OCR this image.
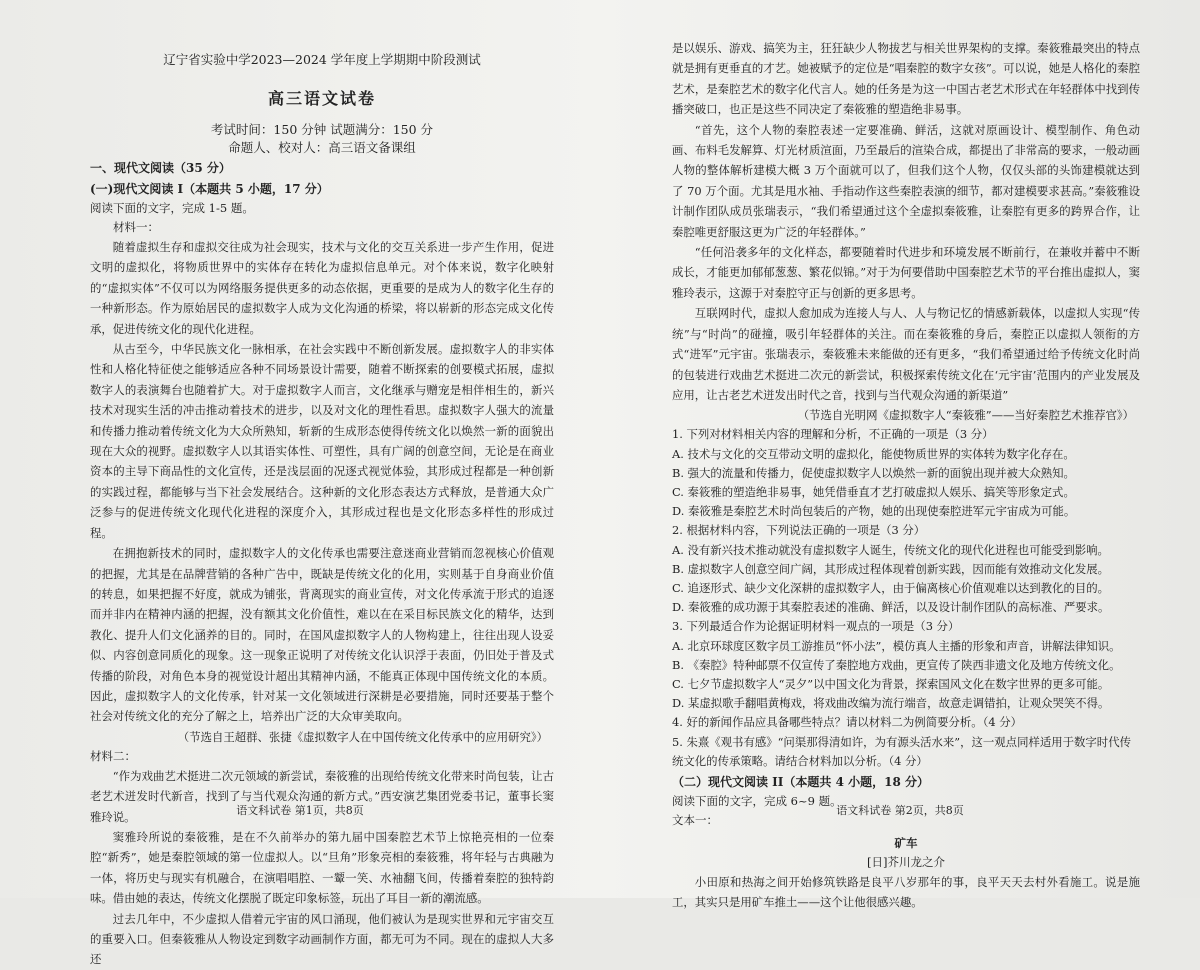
辽宁省实验中学2023—2024 学年度上学期期中阶段测试

高三语文试卷

考试时间：150 分钟 试题满分：150 分

命题人、校对人：高三语文备课组

一、现代文阅读（35 分）

(一)现代文阅读 I（本题共 5 小题，17 分）

阅读下面的文字，完成 1-5 题。

材料一：

随着虚拟生存和虚拟交往成为社会现实，技术与文化的交互关系进一步产生作用，促进文明的虚拟化，将物质世界中的实体存在转化为虚拟信息单元。对个体来说，数字化映射的“虚拟实体”不仅可以为网络服务提供更多的动态依据，更重要的是成为人的数字化生存的一种新形态。作为原始居民的虚拟数字人成为文化沟通的桥梁，将以崭新的形态完成文化传承，促进传统文化的现代化进程。

从古至今，中华民族文化一脉相承，在社会实践中不断创新发展。虚拟数字人的非实体性和人格化特征使之能够适应各种不同场景设计需要，随着不断探索的创要模式拓展，虚拟数字人的表演舞台也随着扩大。对于虚拟数字人而言，文化继承与赠宠是相伴相生的，新兴技术对现实生活的冲击推动着技术的进步，以及对文化的理性看思。虚拟数字人强大的流量和传播力推动着传统文化为大众所熟知，斩新的生成形态使得传统文化以焕然一新的面貌出现在大众的视野。虚拟数字人以其语实体性、可塑性，具有广阔的创意空间，无论是在商业资本的主导下商品性的文化宣传，还是浅层面的况逐式视觉体验，其形成过程都是一种创新的实践过程，都能够与当下社会发展结合。这种新的文化形态表达方式释放，是普通大众广泛参与的促进传统文化现代化进程的深度介入，其形成过程也是文化形态多样性的形成过程。

在拥抱新技术的同时，虚拟数字人的文化传承也需要注意迷商业营销而忽视核心价值观的把握，尤其是在品牌营销的各种广告中，既缺是传统文化的化用，实则基于自身商业价值的转息，如果把握不好度，就成为铺张，背离现实的商业宣传，对文化传承流于形式的追逐而并非内在精神内涵的把握，没有额其文化价值性，难以在在采目标民族文化的精华，达到教化、提升人们文化涵养的目的。同时，在国风虚拟数字人的人物构建上，往往出现人设妥似、内容创意同质化的现象。这一现象正说明了对传统文化认识浮于表面，仍旧处于普及式传播的阶段，对角色本身的视觉设计超出其精神内涵，不能真正体现中国传统文化的本质。因此，虚拟数字人的文化传承，针对某一文化领域进行深耕是必要措施，同时还要基于整个社会对传统文化的充分了解之上，培养出广泛的大众审美取向。

（节选自王超群、张捷《虚拟数字人在中国传统文化传承中的应用研究》）

材料二：

“作为戏曲艺术挺进二次元领域的新尝试，秦筱雅的出现给传统文化带来时尚包装，让古老艺术迸发时代新音，找到了与当代观众沟通的新方式。”西安演艺集团党委书记，董事长窦雅玲说。

窦雅玲所说的秦筱雅，是在不久前举办的第九届中国秦腔艺术节上惊艳亮相的一位秦腔“新秀”，她是秦腔领域的第一位虚拟人。以“旦角”形象亮相的秦筱雅，将年轻与古典融为一体，将历史与现实有机融合，在演唱唱腔、一颦一笑、水袖翻飞间，传播着秦腔的独特韵味。借由她的表达，传统文化摆脱了既定印象标签，玩出了耳目一新的潮流感。

过去几年中，不少虚拟人借着元宇宙的风口涌现，他们被认为是现实世界和元宇宙交互的重要入口。但秦筱雅从人物设定到数字动画制作方面，都无可为不同。现在的虚拟人大多还

语文科试卷 第1页，共8页

是以娱乐、游戏、搞笑为主，狂狂缺少人物拔艺与相关世界架构的支撑。秦筱雅最突出的特点就是拥有更垂直的才艺。她被赋予的定位是“唱秦腔的数字女孩”。可以说，她是人格化的秦腔艺术，是秦腔艺术的数字化代言人。她的任务是为这一中国古老艺术形式在年轻群体中找到传播突破口，也正是这些不同决定了秦筱雅的塑造绝非易事。

“首先，这个人物的秦腔表述一定要准确、鲜活，这就对原画设计、模型制作、角色动画、布料毛发解算、灯光材质渲面，乃至最后的渲染合成，都提出了非常高的要求，一般动画人物的整体解析建模大概 3 万个面就可以了，但我们这个人物，仅仅头部的头饰建模就达到了 70 万个面。尤其是甩水袖、手指动作这些秦腔表演的细节，都对建模要求甚高。”秦筱雅设计制作团队成员张瑞表示，“我们希望通过这个全虚拟秦筱雅，让秦腔有更多的跨界合作，让秦腔唯更舒服这更为广泛的年轻群体。”

“任何沿袭多年的文化样态，都要随着时代进步和环境发展不断前行，在兼收并蓄中不断成长，才能更加郁郁葱葱、繁花似锦。”对于为何要借助中国秦腔艺术节的平台推出虚拟人，窦雅玲表示，这源于对秦腔守正与创新的更多思考。

互联网时代，虚拟人愈加成为连接人与人、人与物记忆的情感新载体，以虚拟人实现“传统”与“时尚”的碰撞，吸引年轻群体的关注。而在秦筱雅的身后，秦腔正以虚拟人领衔的方式“进军”元宇宙。张瑞表示，秦筱雅未来能做的还有更多，“我们希望通过给予传统文化时尚的包装进行戏曲艺术挺进二次元的新尝试，积极探索传统文化在‘元宇宙’范围内的产业发展及应用，让古老艺术迸发出时代之音，找到与当代观众沟通的新渠道”

（节选自光明网《虚拟数字人“秦筱雅”——当好秦腔艺术推荐官》）

1. 下列对材料相关内容的理解和分析，不正确的一项是（3 分）

A. 技术与文化的交互带动文明的虚拟化，能使物质世界的实体转为数字化存在。

B. 强大的流量和传播力，促使虚拟数字人以焕然一新的面貌出现并被大众熟知。

C. 秦筱雅的塑造绝非易事，她凭借垂直才艺打破虚拟人娱乐、搞笑等形象定式。

D. 秦筱雅是秦腔艺术时尚包装后的产物，她的出现使秦腔进军元宇宙成为可能。

2. 根据材料内容，下列说法正确的一项是（3 分）

A. 没有新兴技术推动就没有虚拟数字人诞生，传统文化的现代化进程也可能受到影响。

B. 虚拟数字人创意空间广阔，其形成过程体现着创新实践，因而能有效推动文化发展。

C. 追逐形式、缺少文化深耕的虚拟数字人，由于偏离核心价值观难以达到教化的目的。

D. 秦筱雅的成功源于其秦腔表述的准确、鲜活，以及设计制作团队的高标准、严要求。

3. 下列最适合作为论据证明材料一观点的一项是（3 分）

A. 北京环球度区数字员工游推员“怀小法”，模仿真人主播的形象和声音，讲解法律知识。

B. 《秦腔》特种邮票不仅宣传了秦腔地方戏曲，更宣传了陕西非遗文化及地方传统文化。

C. 七夕节虚拟数字人“灵夕”以中国文化为背景，探索国风文化在数字世界的更多可能。

D. 某虚拟歌手翻唱黄梅戏，将戏曲改编为流行端音，故意走调错拍，让观众哭笑不得。

4. 好的新闻作品应具备哪些特点？请以材料二为例简要分析。（4 分）

5. 朱熹《观书有感》“问渠那得清如许，为有源头活水来”，这一观点同样适用于数字时代传统文化的传承策略。请结合材料加以分析。（4 分）

（二）现代文阅读 II（本题共 4 小题，18 分）

阅读下面的文字，完成 6~9 题。

文本一：

矿车

[日]芥川龙之介

小田原和热海之间开始修筑铁路是良平八岁那年的事，良平天天去村外看施工。说是施工，其实只是用矿车推土——这个让他很感兴趣。

语文科试卷 第2页，共8页
